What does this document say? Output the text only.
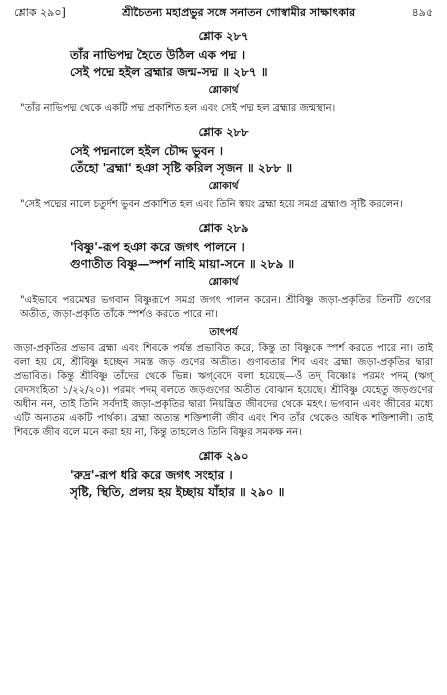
শ্লোক ২৯০]	শ্রীচৈতন্য মহাপ্রভুর সঙ্গে সনাতন গোস্বামীর সাক্ষাৎকার	৪৯৫
শ্লোক ২৮৭
তাঁর নাভিপদ্ম হৈতে উঠিল এক পদ্ম ।
সেই পদ্মে হইল ব্রহ্মার জন্ম-সদ্ম ॥ ২৮৭ ॥
শ্লোকার্থ
"তাঁর নাভিপদ্ম থেকে একটি পদ্ম প্রকাশিত হল এবং সেই পদ্ম হল ব্রহ্মার জন্মস্থান।
শ্লোক ২৮৮
সেই পদ্মনালে হইল চৌদ্দ ভুবন ।
তেঁহো 'ব্রহ্মা' হঞা সৃষ্টি করিল সৃজন ॥ ২৮৮ ॥
শ্লোকার্থ
"সেই পদ্মের নালে চতুর্দশ ভুবন প্রকাশিত হল এবং তিনি স্বয়ং ব্রহ্মা হয়ে সমগ্র ব্রহ্মাণ্ড সৃষ্টি করলেন।
শ্লোক ২৮৯
'বিষ্ণু'-রূপ হঞা করে জগৎ পালনে ।
গুণাতীত বিষ্ণু—স্পর্শ নাহি মায়া-সনে ॥ ২৮৯ ॥
শ্লোকার্থ
"এইভাবে পরমেশ্বর ভগবান বিষ্ণুরূপে সমগ্র জগৎ পালন করেন। শ্রীবিষ্ণু জড়া-প্রকৃতির তিনটি গুণের অতীত, জড়া-প্রকৃতি তাঁকে স্পর্শও করতে পারে না।
তাৎপর্য
জড়া-প্রকৃতির প্রভাব ব্রহ্মা এবং শিবকে পর্যন্ত প্রভাবিত করে, কিন্তু তা বিষ্ণুকে স্পর্শ করতে পারে না। তাই বলা হয় যে, শ্রীবিষ্ণু হচ্ছেন সমস্ত জড় গুণের অতীত। গুণাবতার শিব এবং ব্রহ্মা জড়া-প্রকৃতির দ্বারা প্রভাবিত। কিন্তু শ্রীবিষ্ণু তাঁদের থেকে ভিন্ন। ঋগ্‌বেদে বলা হয়েছে—ওঁ তদ্ বিষ্ণোঃ পরমং পদম্ (ঋগ্ বেদসংহিতা ১/২২/২০)। পরমং পদম্ বলতে জড়গুণের অতীত বোঝান হয়েছে। শ্রীবিষ্ণু যেহেতু জড়গুণের অধীন নন, তাই তিনি সর্বদাই জড়া-প্রকৃতির দ্বারা নিয়ন্ত্রিত জীবদের থেকে মহৎ। ভগবান এবং জীবের মধ্যে এটি অন্যতম একটি পার্থক্য। ব্রহ্মা অত্যন্ত শক্তিশালী জীব এবং শিব তাঁর থেকেও অধিক শক্তিশালী। তাই শিবকে জীব বলে মনে করা হয় না, কিন্তু তাহলেও তিনি বিষ্ণুর সমকক্ষ নন।
শ্লোক ২৯০
'রুদ্র'-রূপ ধরি করে জগৎ সংহার ।
সৃষ্টি, স্থিতি, প্রলয় হয় ইচ্ছায় যাঁহার ॥ ২৯০ ॥
